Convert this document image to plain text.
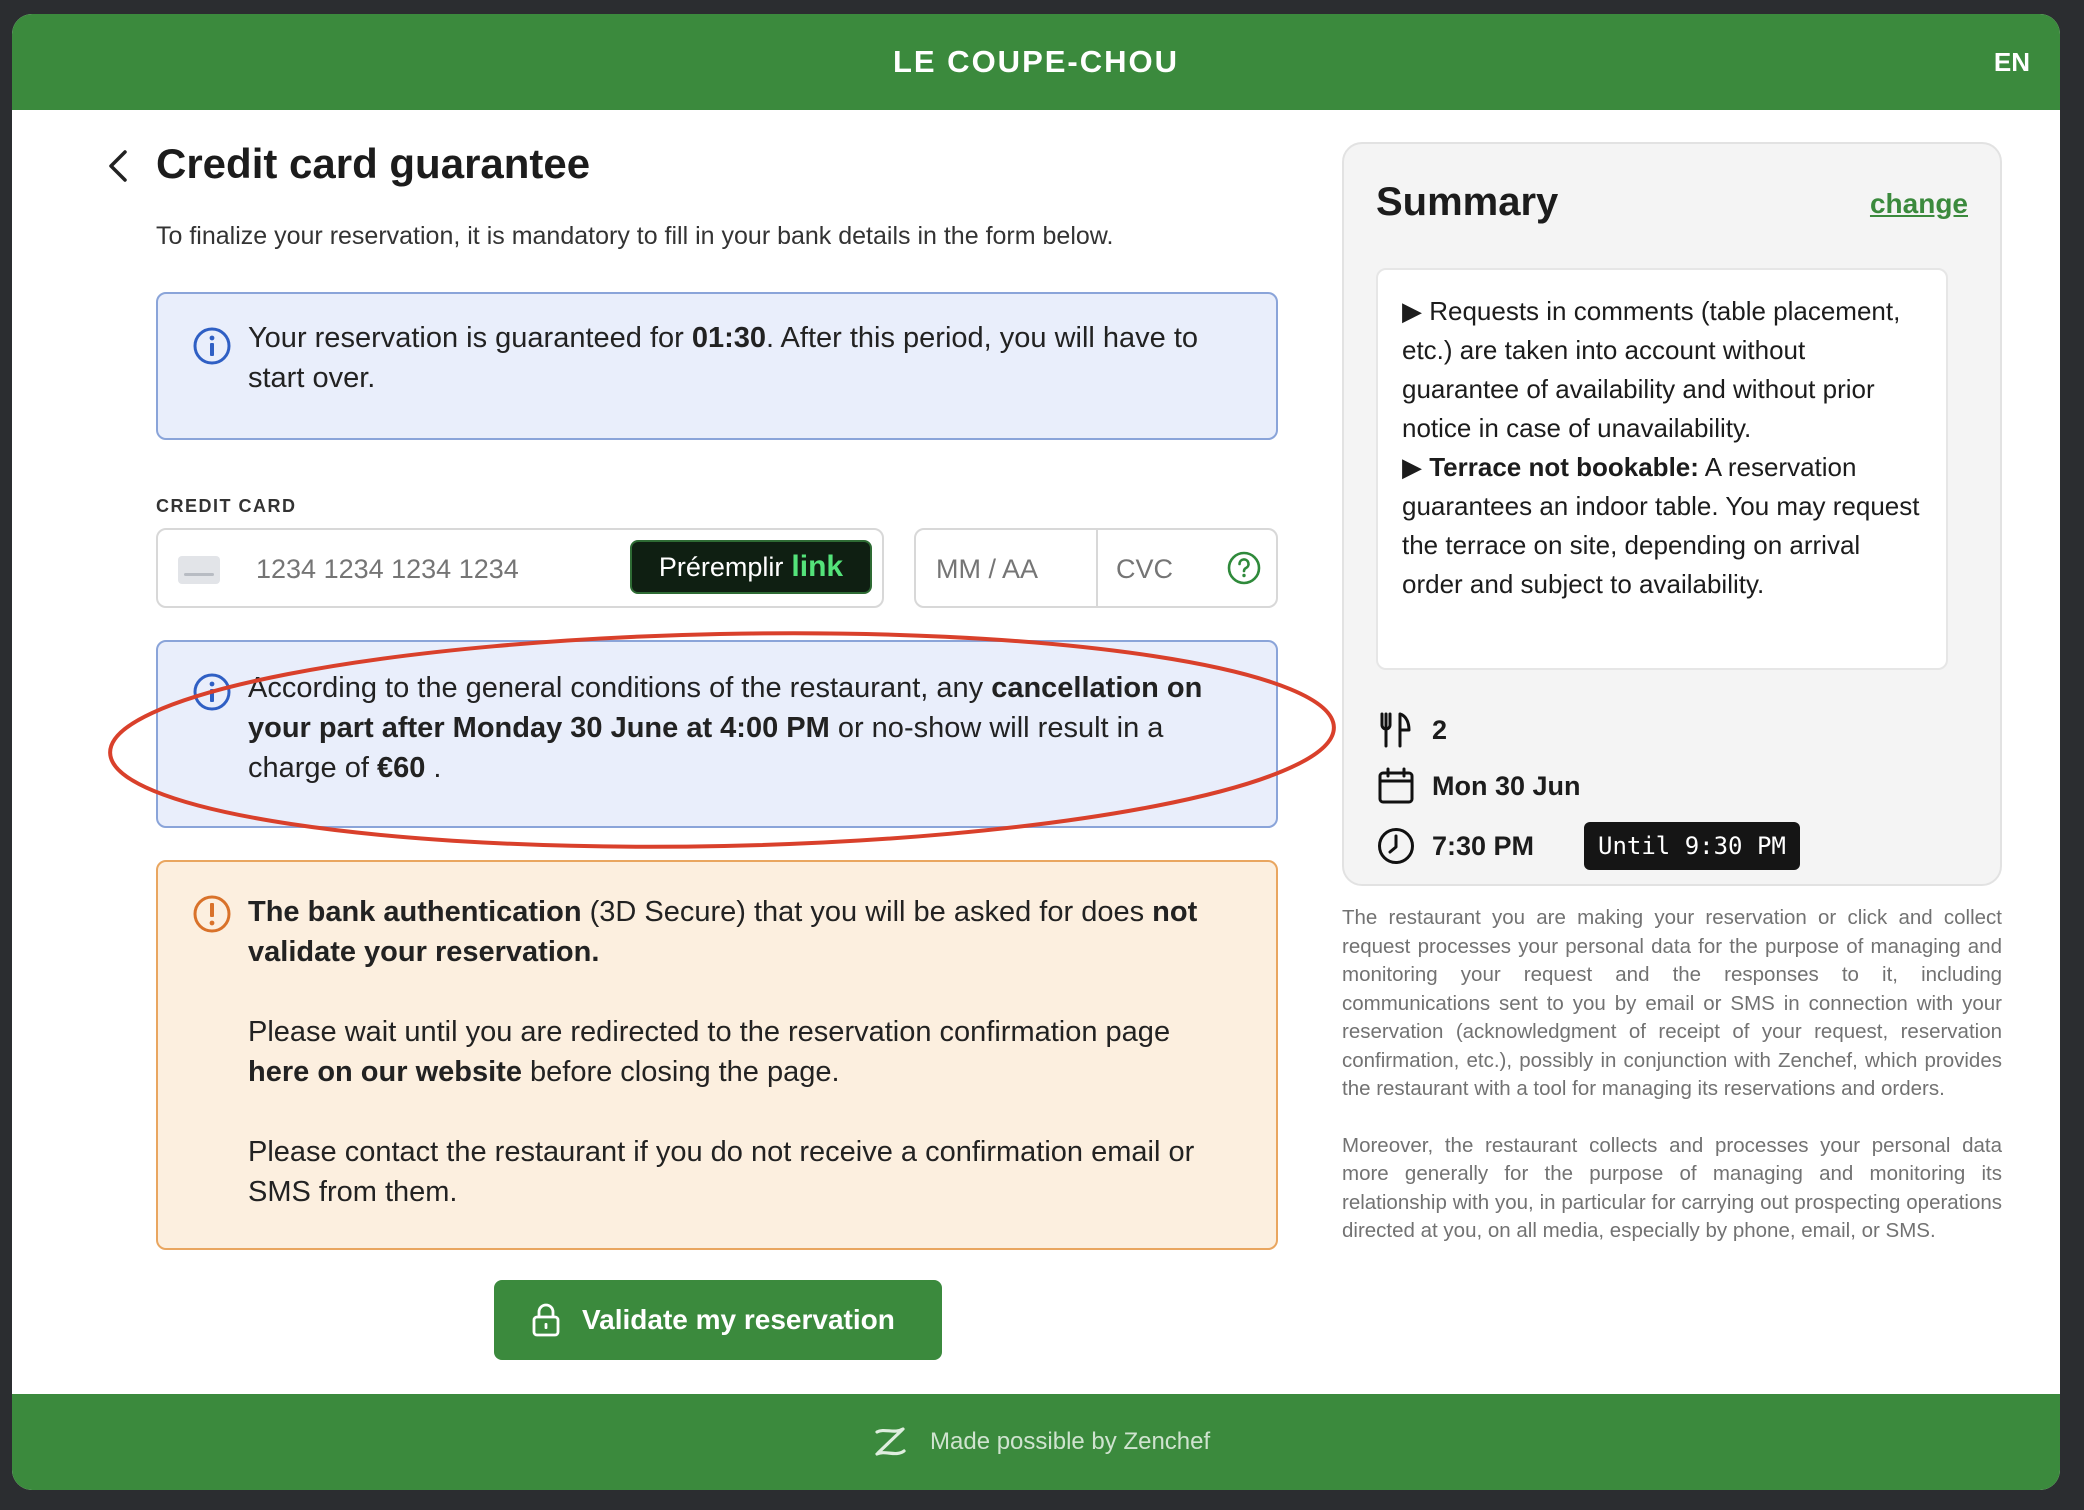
LE COUPE-CHOU	EN
Credit card guarantee
To finalize your reservation, it is mandatory to fill in your bank details in the form below.
Your reservation is guaranteed for 01:30. After this period, you will have to start over.
CREDIT CARD
1234 1234 1234 1234
Préremplir link
MM / AA
CVC
According to the general conditions of the restaurant, any cancellation on your part after Monday 30 June at 4:00 PM or no-show will result in a charge of €60 .

The bank authentication (3D Secure) that you will be asked for does not validate your reservation.

Please wait until you are redirected to the reservation confirmation page here on our website before closing the page.

Please contact the restaurant if you do not receive a confirmation email or SMS from them.

Validate my reservation
Summary	change

▶ Requests in comments (table placement, etc.) are taken into account without guarantee of availability and without prior notice in case of unavailability.

▶ Terrace not bookable: A reservation guarantees an indoor table. You may request the terrace on site, depending on arrival order and subject to availability.

2
Mon 30 Jun
7:30 PM	Until 9:30 PM

The restaurant you are making your reservation or click and collect request processes your personal data for the purpose of managing and monitoring your request and the responses to it, including communications sent to you by email or SMS in connection with your reservation (acknowledgment of receipt of your request, reservation confirmation, etc.), possibly in conjunction with Zenchef, which provides the restaurant with a tool for managing its reservations and orders.

Moreover, the restaurant collects and processes your personal data more generally for the purpose of managing and monitoring its relationship with you, in particular for carrying out prospecting operations directed at you, on all media, especially by phone, email, or SMS.

Made possible by Zenchef
